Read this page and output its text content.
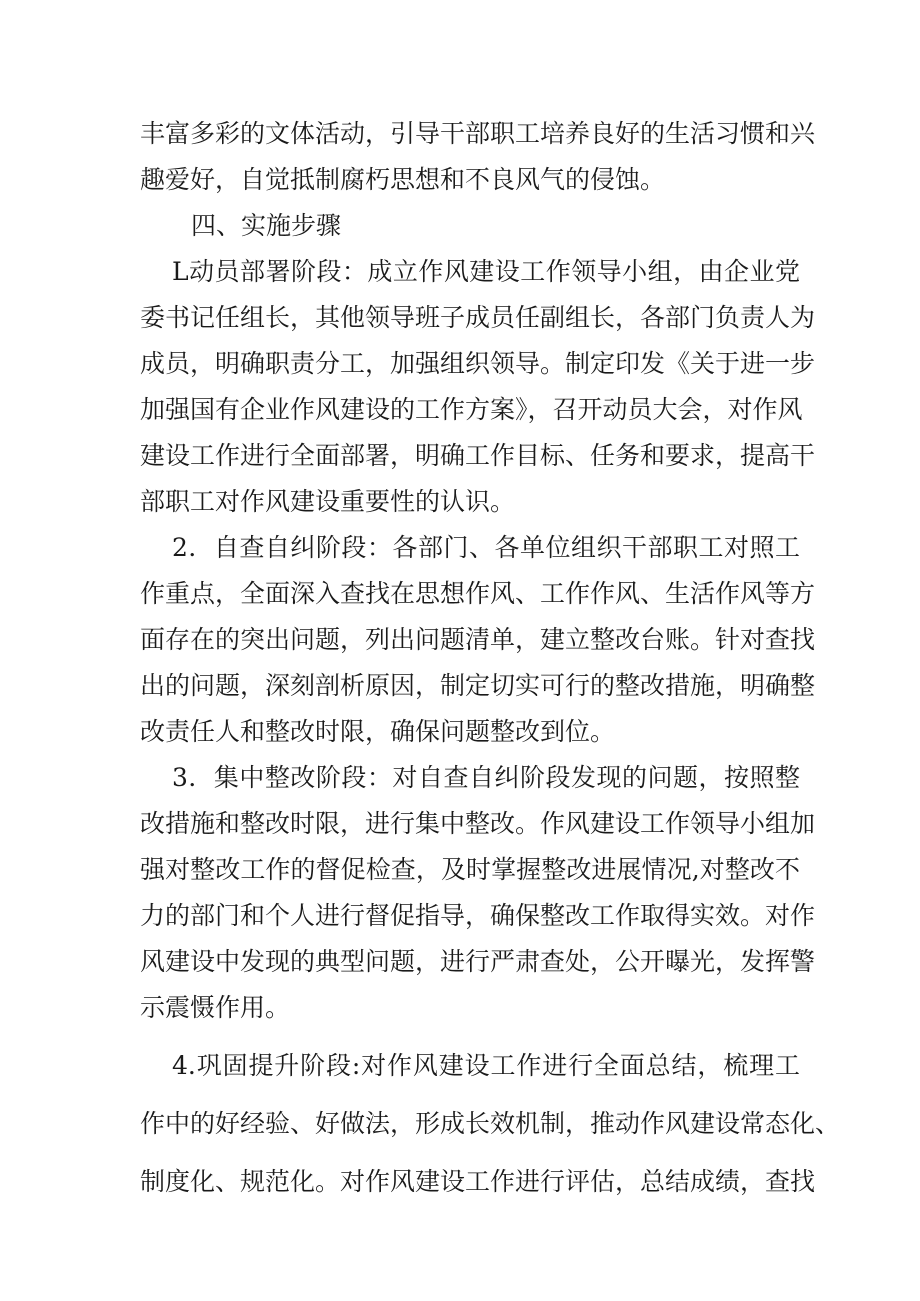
丰富多彩的文体活动，引导干部职工培养良好的生活习惯和兴
趣爱好，自觉抵制腐朽思想和不良风气的侵蚀。
四、实施步骤
L动员部署阶段：成立作风建设工作领导小组，由企业党
委书记任组长，其他领导班子成员任副组长，各部门负责人为
成员，明确职责分工，加强组织领导。制定印发《关于进一步
加强国有企业作风建设的工作方案》，召开动员大会，对作风
建设工作进行全面部署，明确工作目标、任务和要求，提高干
部职工对作风建设重要性的认识。
2．自查自纠阶段：各部门、各单位组织干部职工对照工
作重点，全面深入查找在思想作风、工作作风、生活作风等方
面存在的突出问题，列出问题清单，建立整改台账。针对查找
出的问题，深刻剖析原因，制定切实可行的整改措施，明确整
改责任人和整改时限，确保问题整改到位。
3．集中整改阶段：对自查自纠阶段发现的问题，按照整
改措施和整改时限，进行集中整改。作风建设工作领导小组加
强对整改工作的督促检查，及时掌握整改进展情况,对整改不
力的部门和个人进行督促指导，确保整改工作取得实效。对作
风建设中发现的典型问题，进行严肃查处，公开曝光，发挥警
示震慑作用。
4.巩固提升阶段:对作风建设工作进行全面总结，梳理工
作中的好经验、好做法，形成长效机制，推动作风建设常态化、
制度化、规范化。对作风建设工作进行评估，总结成绩，查找
